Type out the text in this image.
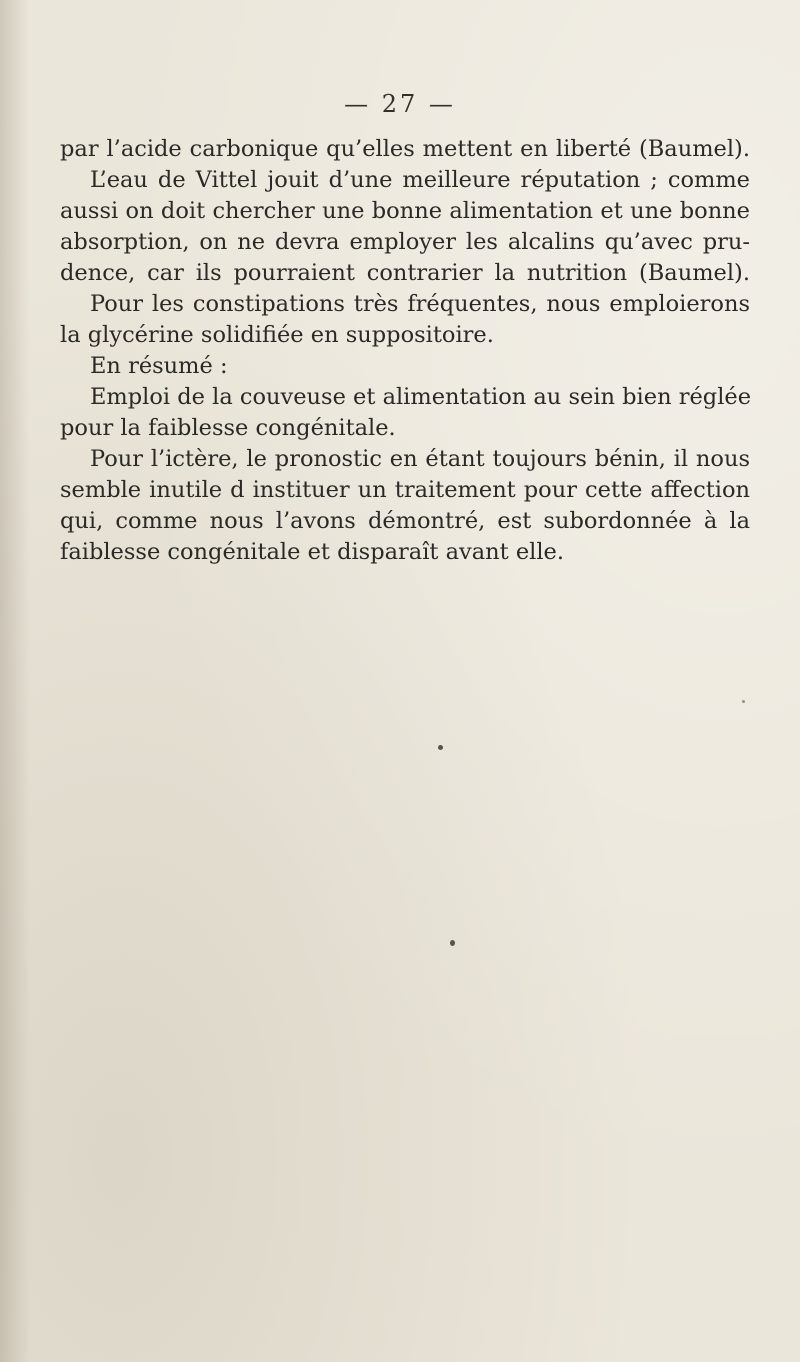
— 27 —
par l’acide carbonique qu’elles mettent en liberté (Baumel).
L’eau de Vittel jouit d’une meilleure réputation ; comme
aussi on doit chercher une bonne alimentation et une bonne
absorption, on ne devra employer les alcalins qu’avec pru-
dence, car ils pourraient contrarier la nutrition (Baumel).
Pour les constipations très fréquentes, nous emploierons
la glycérine solidifiée en suppositoire.
En résumé :
Emploi de la couveuse et alimentation au sein bien réglée
pour la faiblesse congénitale.
Pour l’ictère, le pronostic en étant toujours bénin, il nous
semble inutile d instituer un traitement pour cette affection
qui, comme nous l’avons démontré, est subordonnée à la
faiblesse congénitale et disparaît avant elle.
